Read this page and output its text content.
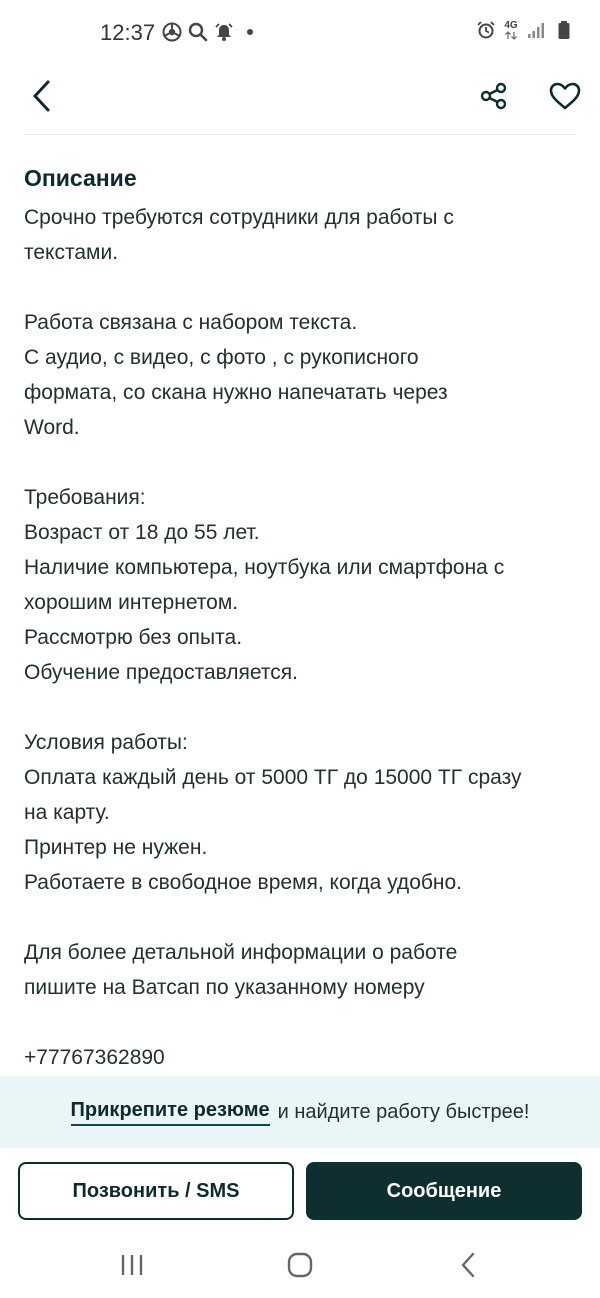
12:37	4G
Описание
Срочно требуются сотрудники для работы с
текстами.
Работа связана с набором текста.
С аудио, с видео, с фото , с рукописного
формата, со скана нужно напечатать через
Word.
Требования:
Возраст от 18 до 55 лет.
Наличие компьютера, ноутбука или смартфона с
хорошим интернетом.
Рассмотрю без опыта.
Обучение предоставляется.
Условия работы:
Оплата каждый день от 5000 ТГ до 15000 ТГ сразу
на карту.
Принтер не нужен.
Работаете в свободное время, когда удобно.
Для более детальной информации о работе
пишите на Ватсап по указанному номеру
+77767362890
Прикрепите резюме и найдите работу быстрее!
Позвонить / SMS	Сообщение
